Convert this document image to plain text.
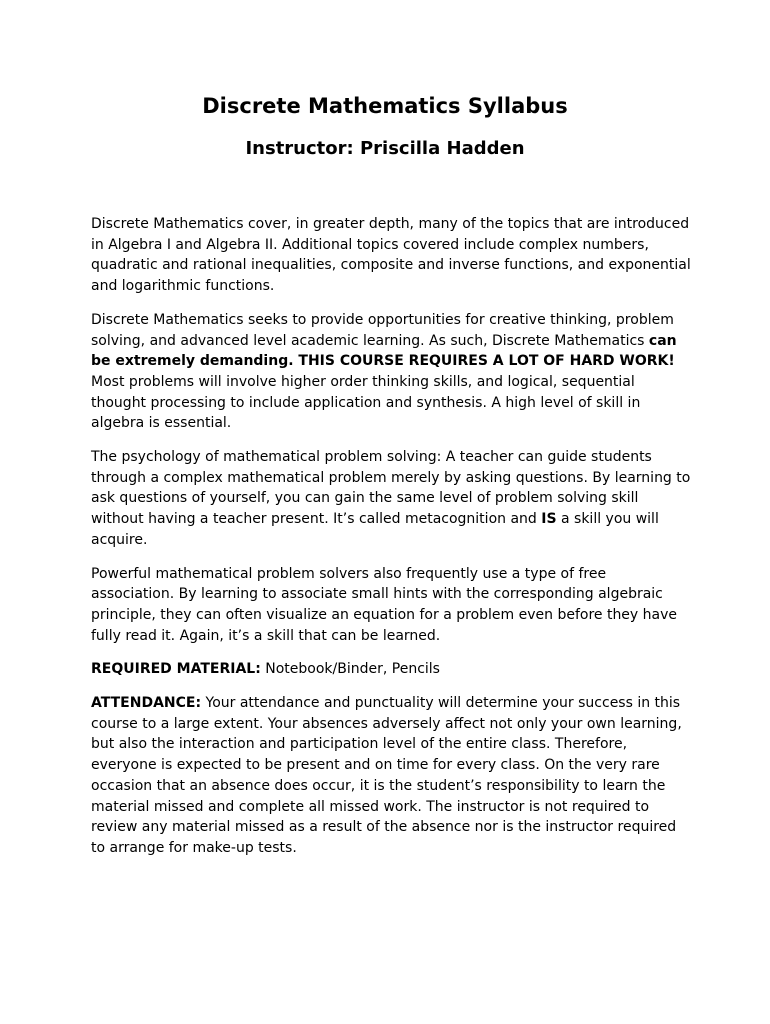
Discrete Mathematics Syllabus
Instructor: Priscilla Hadden

Discrete Mathematics cover, in greater depth, many of the topics that are introduced in Algebra I and Algebra II. Additional topics covered include complex numbers, quadratic and rational inequalities, composite and inverse functions, and exponential and logarithmic functions.

Discrete Mathematics seeks to provide opportunities for creative thinking, problem solving, and advanced level academic learning. As such, Discrete Mathematics can be extremely demanding. THIS COURSE REQUIRES A LOT OF HARD WORK! Most problems will involve higher order thinking skills, and logical, sequential thought processing to include application and synthesis. A high level of skill in algebra is essential.

The psychology of mathematical problem solving: A teacher can guide students through a complex mathematical problem merely by asking questions. By learning to ask questions of yourself, you can gain the same level of problem solving skill without having a teacher present. It’s called metacognition and IS a skill you will acquire.

Powerful mathematical problem solvers also frequently use a type of free association. By learning to associate small hints with the corresponding algebraic principle, they can often visualize an equation for a problem even before they have fully read it. Again, it’s a skill that can be learned.

REQUIRED MATERIAL: Notebook/Binder, Pencils

ATTENDANCE: Your attendance and punctuality will determine your success in this course to a large extent. Your absences adversely affect not only your own learning, but also the interaction and participation level of the entire class. Therefore, everyone is expected to be present and on time for every class. On the very rare occasion that an absence does occur, it is the student’s responsibility to learn the material missed and complete all missed work. The instructor is not required to review any material missed as a result of the absence nor is the instructor required to arrange for make-up tests.
